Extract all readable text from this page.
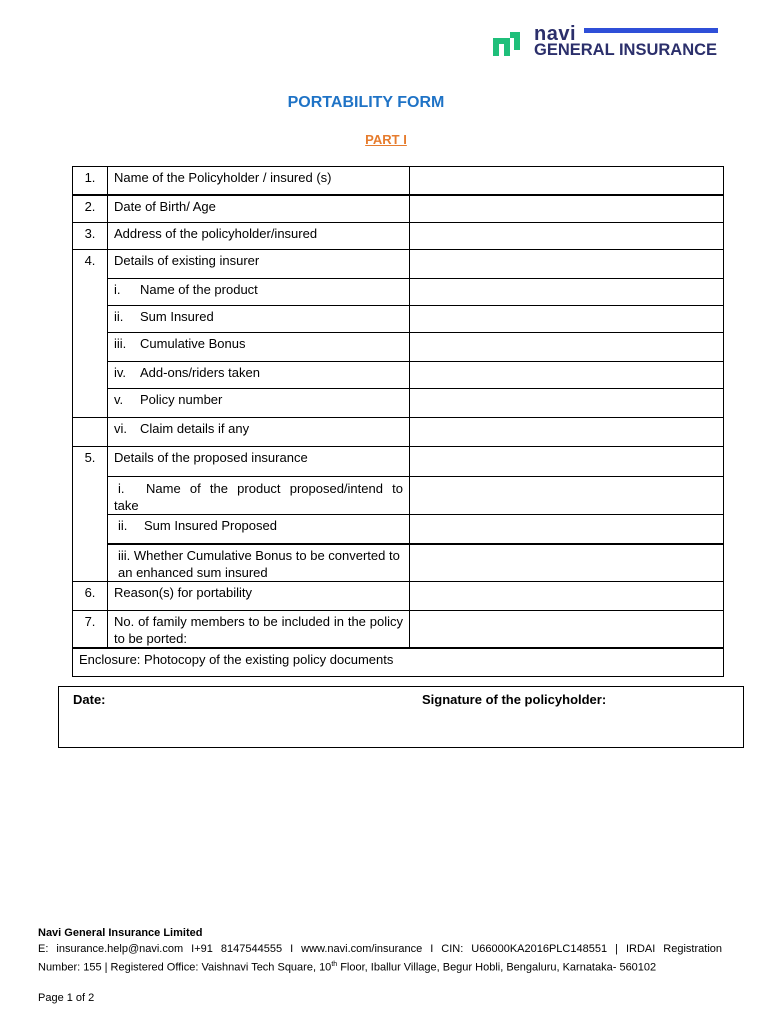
navi
GENERAL INSURANCE
PORTABILITY FORM
PART I
1.	Name of the Policyholder / insured (s)	
2.	Date of Birth/ Age	
3.	Address of the policyholder/insured	
4.	Details of existing insurer	
	i. Name of the product	
	ii. Sum Insured	
	iii. Cumulative Bonus	
	iv. Add-ons/riders taken	
	v. Policy number	
	vi. Claim details if any	
5.	Details of the proposed insurance	
	i. Name of the product proposed/intend to take	
	ii. Sum Insured Proposed	
	iii. Whether Cumulative Bonus to be converted to an enhanced sum insured	
6.	Reason(s) for portability	
7.	No. of family members to be included in the policy to be ported:	
Enclosure: Photocopy of the existing policy documents		
Date:	Signature of the policyholder:
Navi General Insurance Limited
E: insurance.help@navi.com I+91 8147544555 I www.navi.com/insurance I CIN: U66000KA2016PLC148551 | IRDAI Registration
Number: 155 | Registered Office: Vaishnavi Tech Square, 10th Floor, Iballur Village, Begur Hobli, Bengaluru, Karnataka- 560102
Page 1 of 2
